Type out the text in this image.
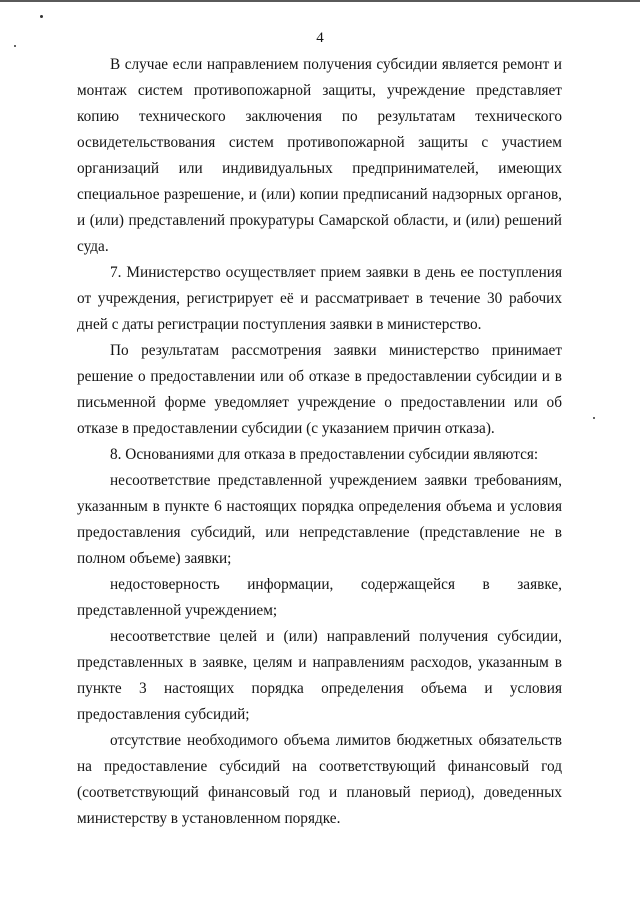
4

В случае если направлением получения субсидии является ремонт и монтаж систем противопожарной защиты, учреждение представляет копию технического заключения по результатам технического освидетельствования систем противопожарной защиты с участием организаций или индивидуальных предпринимателей, имеющих специальное разрешение, и (или) копии предписаний надзорных органов, и (или) представлений прокуратуры Самарской области, и (или) решений суда.

7. Министерство осуществляет прием заявки в день ее поступления от учреждения, регистрирует её и рассматривает в течение 30 рабочих дней с даты регистрации поступления заявки в министерство.

По результатам рассмотрения заявки министерство принимает решение о предоставлении или об отказе в предоставлении субсидии и в письменной форме уведомляет учреждение о предоставлении или об отказе в предоставлении субсидии (с указанием причин отказа).

8. Основаниями для отказа в предоставлении субсидии являются:

несоответствие представленной учреждением заявки требованиям, указанным в пункте 6 настоящих порядка определения объема и условия предоставления субсидий, или непредставление (представление не в полном объеме) заявки;

недостоверность информации, содержащейся в заявке, представленной учреждением;

несоответствие целей и (или) направлений получения субсидии, представленных в заявке, целям и направлениям расходов, указанным в пункте 3 настоящих порядка определения объема и условия предоставления субсидий;

отсутствие необходимого объема лимитов бюджетных обязательств на предоставление субсидий на соответствующий финансовый год (соответствующий финансовый год и плановый период), доведенных министерству в установленном порядке.
